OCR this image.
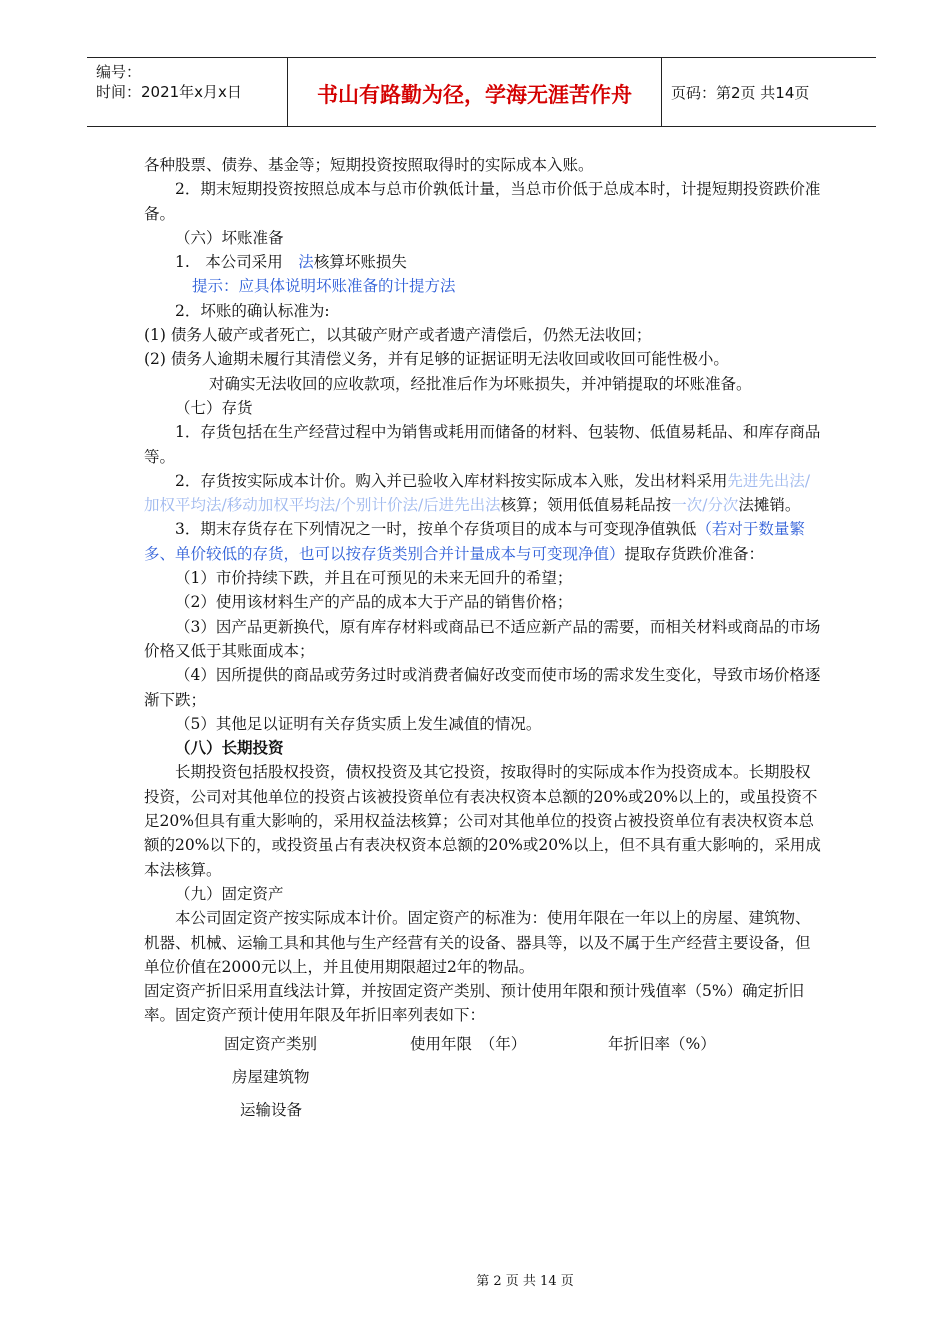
编号：
时间：2021年x月x日	书山有路勤为径，学海无涯苦作舟	页码：第2页 共14页

各种股票、债券、基金等；短期投资按照取得时的实际成本入账。

2．期末短期投资按照总成本与总市价孰低计量，当总市价低于总成本时，计提短期投资跌价准备。

（六）坏账准备

1.　本公司采用　法核算坏账损失

提示：应具体说明坏账准备的计提方法

2．坏账的确认标准为:

(1) 债务人破产或者死亡，以其破产财产或者遗产清偿后，仍然无法收回；

(2) 债务人逾期未履行其清偿义务，并有足够的证据证明无法收回或收回可能性极小。

对确实无法收回的应收款项，经批准后作为坏账损失，并冲销提取的坏账准备。

（七）存货

1．存货包括在生产经营过程中为销售或耗用而储备的材料、包装物、低值易耗品、和库存商品等。

2．存货按实际成本计价。购入并已验收入库材料按实际成本入账，发出材料采用先进先出法/加权平均法/移动加权平均法/个别计价法/后进先出法核算；领用低值易耗品按一次/分次法摊销。

3．期末存货存在下列情况之一时，按单个存货项目的成本与可变现净值孰低（若对于数量繁多、单价较低的存货，也可以按存货类别合并计量成本与可变现净值）提取存货跌价准备：

（1）市价持续下跌，并且在可预见的未来无回升的希望；

（2）使用该材料生产的产品的成本大于产品的销售价格；

（3）因产品更新换代，原有库存材料或商品已不适应新产品的需要，而相关材料或商品的市场价格又低于其账面成本；

（4）因所提供的商品或劳务过时或消费者偏好改变而使市场的需求发生变化，导致市场价格逐渐下跌；

（5）其他足以证明有关存货实质上发生减值的情况。

（八）长期投资

长期投资包括股权投资，债权投资及其它投资，按取得时的实际成本作为投资成本。长期股权投资，公司对其他单位的投资占该被投资单位有表决权资本总额的20%或20%以上的，或虽投资不足20%但具有重大影响的，采用权益法核算；公司对其他单位的投资占被投资单位有表决权资本总额的20%以下的，或投资虽占有表决权资本总额的20%或20%以上，但不具有重大影响的，采用成本法核算。

（九）固定资产

本公司固定资产按实际成本计价。固定资产的标准为：使用年限在一年以上的房屋、建筑物、机器、机械、运输工具和其他与生产经营有关的设备、器具等，以及不属于生产经营主要设备，但单位价值在2000元以上，并且使用期限超过2年的物品。

固定资产折旧采用直线法计算，并按固定资产类别、预计使用年限和预计残值率（5%）确定折旧率。固定资产预计使用年限及年折旧率列表如下：

固定资产类别	使用年限　（年）	年折旧率（%）
房屋建筑物
运输设备
第 2 页 共 14 页
